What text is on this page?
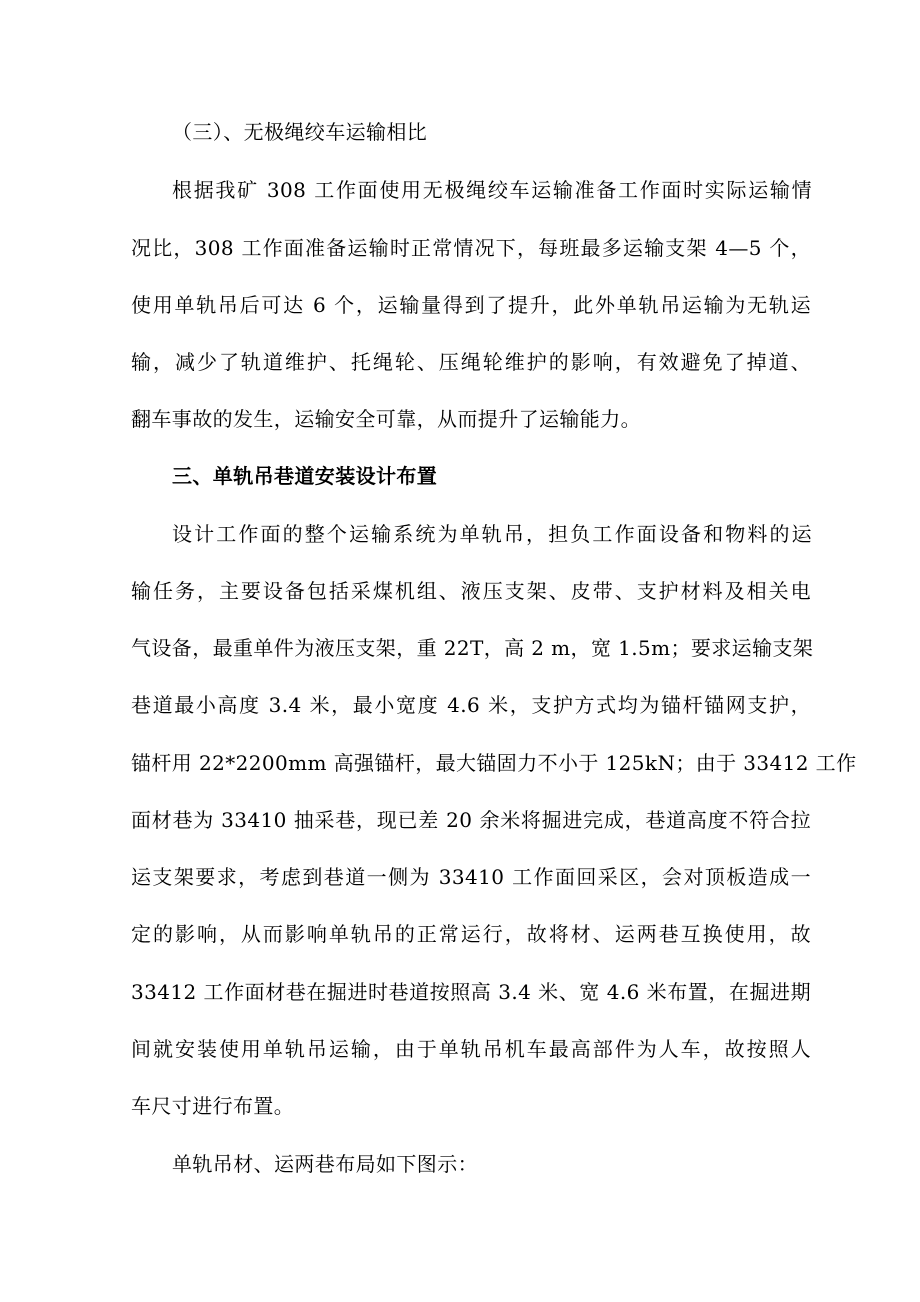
（三）、无极绳绞车运输相比
根据我矿 308 工作面使用无极绳绞车运输准备工作面时实际运输情
况比，308 工作面准备运输时正常情况下，每班最多运输支架 4—5 个，
使用单轨吊后可达 6 个，运输量得到了提升，此外单轨吊运输为无轨运
输，减少了轨道维护、托绳轮、压绳轮维护的影响，有效避免了掉道、
翻车事故的发生，运输安全可靠，从而提升了运输能力。
三、单轨吊巷道安装设计布置
设计工作面的整个运输系统为单轨吊，担负工作面设备和物料的运
输任务，主要设备包括采煤机组、液压支架、皮带、支护材料及相关电
气设备，最重单件为液压支架，重 22T，高 2 m，宽 1.5m；要求运输支架
巷道最小高度 3.4 米，最小宽度 4.6 米，支护方式均为锚杆锚网支护，
锚杆用 22*2200mm 高强锚杆，最大锚固力不小于 125kN；由于 33412 工作
面材巷为 33410 抽采巷，现已差 20 余米将掘进完成，巷道高度不符合拉
运支架要求，考虑到巷道一侧为 33410 工作面回采区，会对顶板造成一
定的影响，从而影响单轨吊的正常运行，故将材、运两巷互换使用，故
33412 工作面材巷在掘进时巷道按照高 3.4 米、宽 4.6 米布置，在掘进期
间就安装使用单轨吊运输，由于单轨吊机车最高部件为人车，故按照人
车尺寸进行布置。
单轨吊材、运两巷布局如下图示：
